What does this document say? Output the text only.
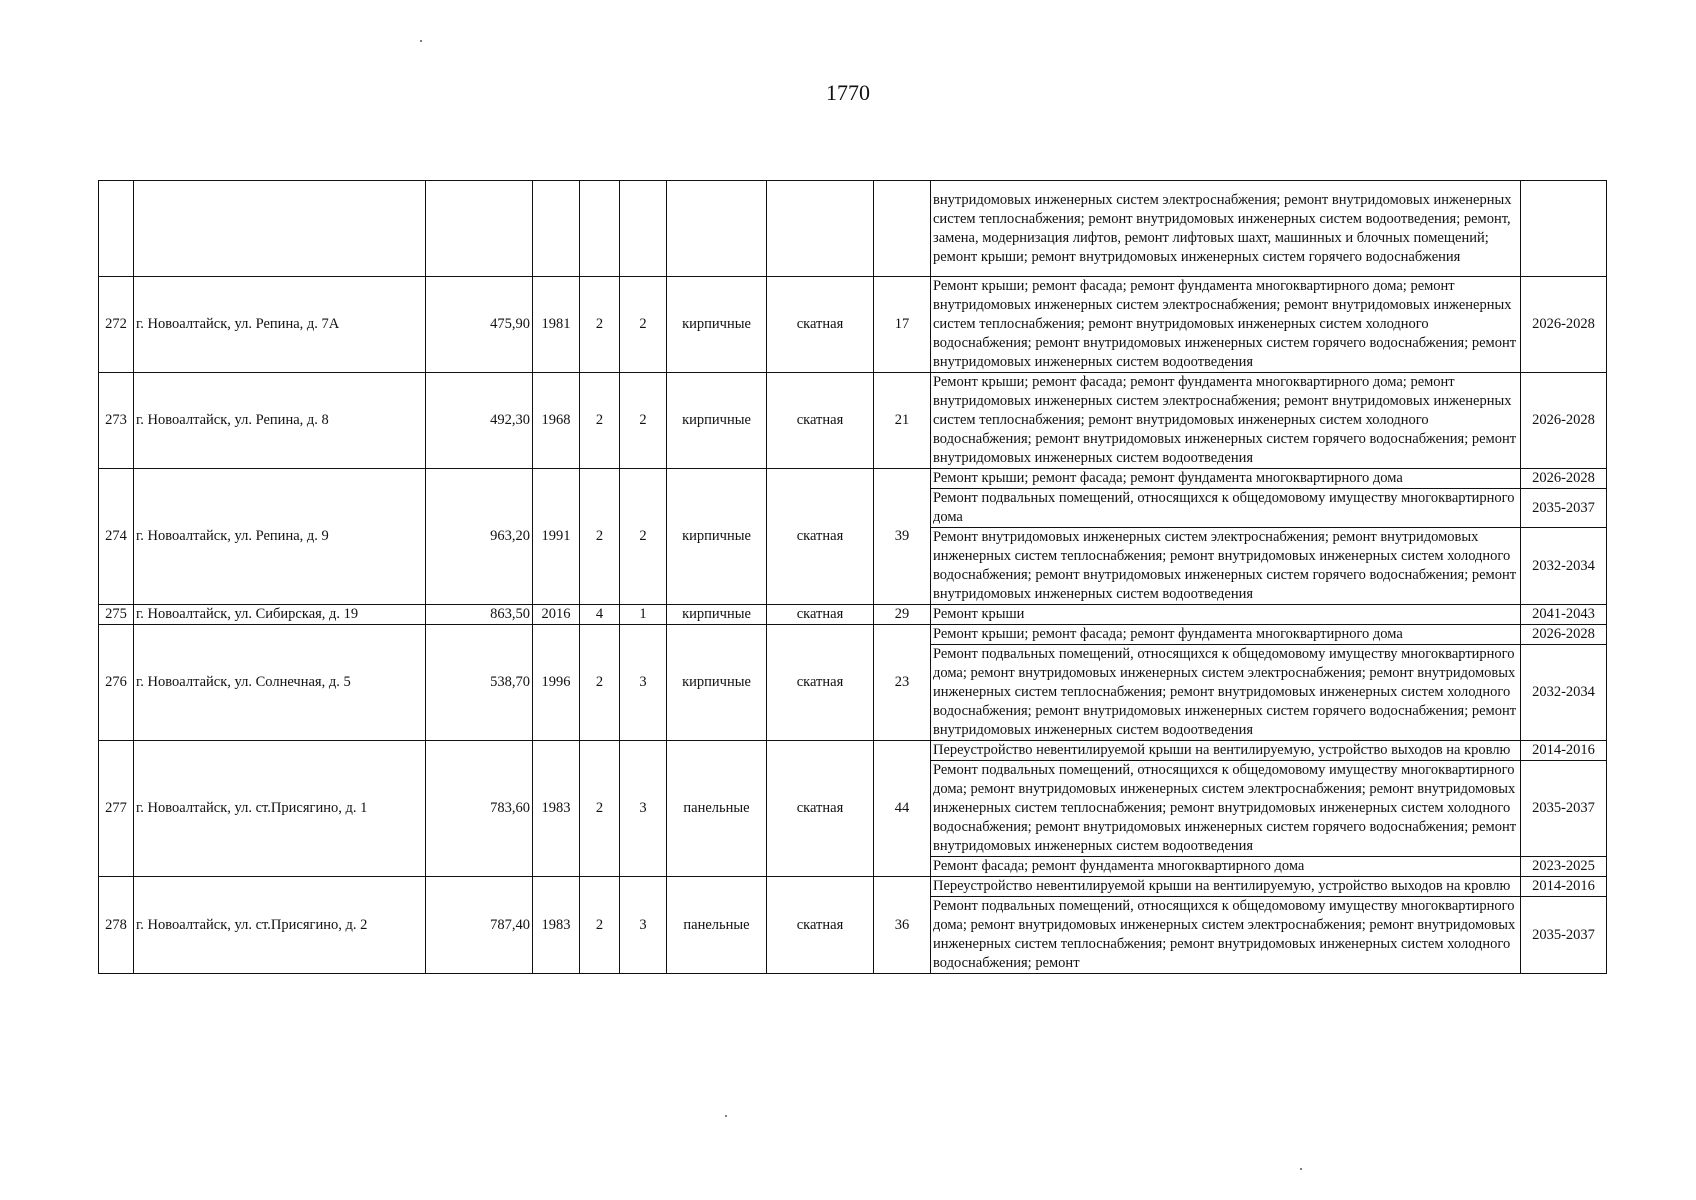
1770
									внутридомовых инженерных систем электроснабжения; ремонт внутридомовых инженерных систем теплоснабжения; ремонт внутридомовых инженерных систем водоотведения; ремонт, замена, модернизация лифтов, ремонт лифтовых шахт, машинных и блочных помещений; ремонт крыши; ремонт внутридомовых инженерных систем горячего водоснабжения	
272	г. Новоалтайск, ул. Репина, д. 7А	475,90	1981	2	2	кирпичные	скатная	17	Ремонт крыши; ремонт фасада; ремонт фундамента многоквартирного дома; ремонт внутридомовых инженерных систем электроснабжения; ремонт внутридомовых инженерных систем теплоснабжения; ремонт внутридомовых инженерных систем холодного водоснабжения; ремонт внутридомовых инженерных систем горячего водоснабжения; ремонт внутридомовых инженерных систем водоотведения	2026-2028
273	г. Новоалтайск, ул. Репина, д. 8	492,30	1968	2	2	кирпичные	скатная	21	Ремонт крыши; ремонт фасада; ремонт фундамента многоквартирного дома; ремонт внутридомовых инженерных систем электроснабжения; ремонт внутридомовых инженерных систем теплоснабжения; ремонт внутридомовых инженерных систем холодного водоснабжения; ремонт внутридомовых инженерных систем горячего водоснабжения; ремонт внутридомовых инженерных систем водоотведения	2026-2028
274	г. Новоалтайск, ул. Репина, д. 9	963,20	1991	2	2	кирпичные	скатная	39	Ремонт крыши; ремонт фасада; ремонт фундамента многоквартирного дома	2026-2028
									Ремонт подвальных помещений, относящихся к общедомовому имуществу многоквартирного дома	2035-2037
									Ремонт внутридомовых инженерных систем электроснабжения; ремонт внутридомовых инженерных систем теплоснабжения; ремонт внутридомовых инженерных систем холодного водоснабжения; ремонт внутридомовых инженерных систем горячего водоснабжения; ремонт внутридомовых инженерных систем водоотведения	2032-2034
275	г. Новоалтайск, ул. Сибирская, д. 19	863,50	2016	4	1	кирпичные	скатная	29	Ремонт крыши	2041-2043
276	г. Новоалтайск, ул. Солнечная, д. 5	538,70	1996	2	3	кирпичные	скатная	23	Ремонт крыши; ремонт фасада; ремонт фундамента многоквартирного дома	2026-2028
									Ремонт подвальных помещений, относящихся к общедомовому имуществу многоквартирного дома; ремонт внутридомовых инженерных систем электроснабжения; ремонт внутридомовых инженерных систем теплоснабжения; ремонт внутридомовых инженерных систем холодного водоснабжения; ремонт внутридомовых инженерных систем горячего водоснабжения; ремонт внутридомовых инженерных систем водоотведения	2032-2034
277	г. Новоалтайск, ул. ст.Присягино, д. 1	783,60	1983	2	3	панельные	скатная	44	Переустройство невентилируемой крыши на вентилируемую, устройство выходов на кровлю	2014-2016
									Ремонт подвальных помещений, относящихся к общедомовому имуществу многоквартирного дома; ремонт внутридомовых инженерных систем электроснабжения; ремонт внутридомовых инженерных систем теплоснабжения; ремонт внутридомовых инженерных систем холодного водоснабжения; ремонт внутридомовых инженерных систем горячего водоснабжения; ремонт внутридомовых инженерных систем водоотведения	2035-2037
									Ремонт фасада; ремонт фундамента многоквартирного дома	2023-2025
278	г. Новоалтайск, ул. ст.Присягино, д. 2	787,40	1983	2	3	панельные	скатная	36	Переустройство невентилируемой крыши на вентилируемую, устройство выходов на кровлю	2014-2016
									Ремонт подвальных помещений, относящихся к общедомовому имуществу многоквартирного дома; ремонт внутридомовых инженерных систем электроснабжения; ремонт внутридомовых инженерных систем теплоснабжения; ремонт внутридомовых инженерных систем холодного водоснабжения; ремонт	2035-2037
